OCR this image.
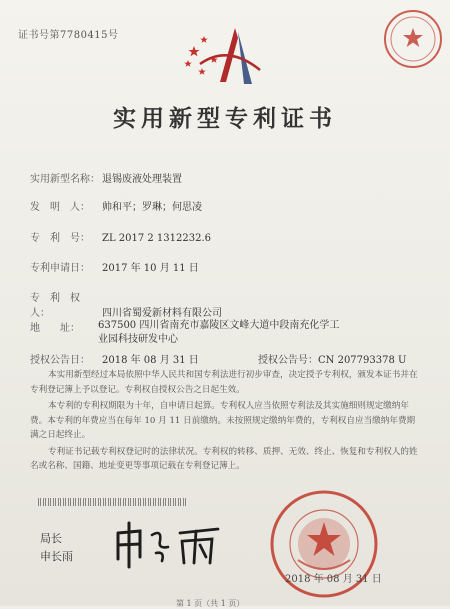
证书号第7780415号
实用新型专利证书
实用新型名称： 退锡废液处理装置
发　明　人： 帅和平；罗琳；何思凌
专　利　号： ZL 2017 2 1312232.6
专利申请日： 2017 年 10 月 11 日
专　利　权　人：	四川省蜀爱新材料有限公司
地　　址：	637500 四川省南充市嘉陵区文峰大道中段南充化学工业园科技研发中心
授权公告日： 2018 年 08 月 31 日	授权公告号：CN 207793378 U

本实用新型经过本局依照中华人民共和国专利法进行初步审查，决定授予专利权，颁发本证书并在专利登记簿上予以登记。专利权自授权公告之日起生效。

本专利的专利权期限为十年，自申请日起算。专利权人应当依照专利法及其实施细则规定缴纳年费。本专利的年费应当在每年 10 月 11 日前缴纳。未按照规定缴纳年费的，专利权自应当缴纳年费期满之日起终止。

专利证书记载专利权登记时的法律状况。专利权的转移、质押、无效、终止、恢复和专利权人的姓名或名称、国籍、地址变更等事项记载在专利登记簿上。

局长
申长雨
2018 年 08 月 31 日
第 1 页（共 1 页）
